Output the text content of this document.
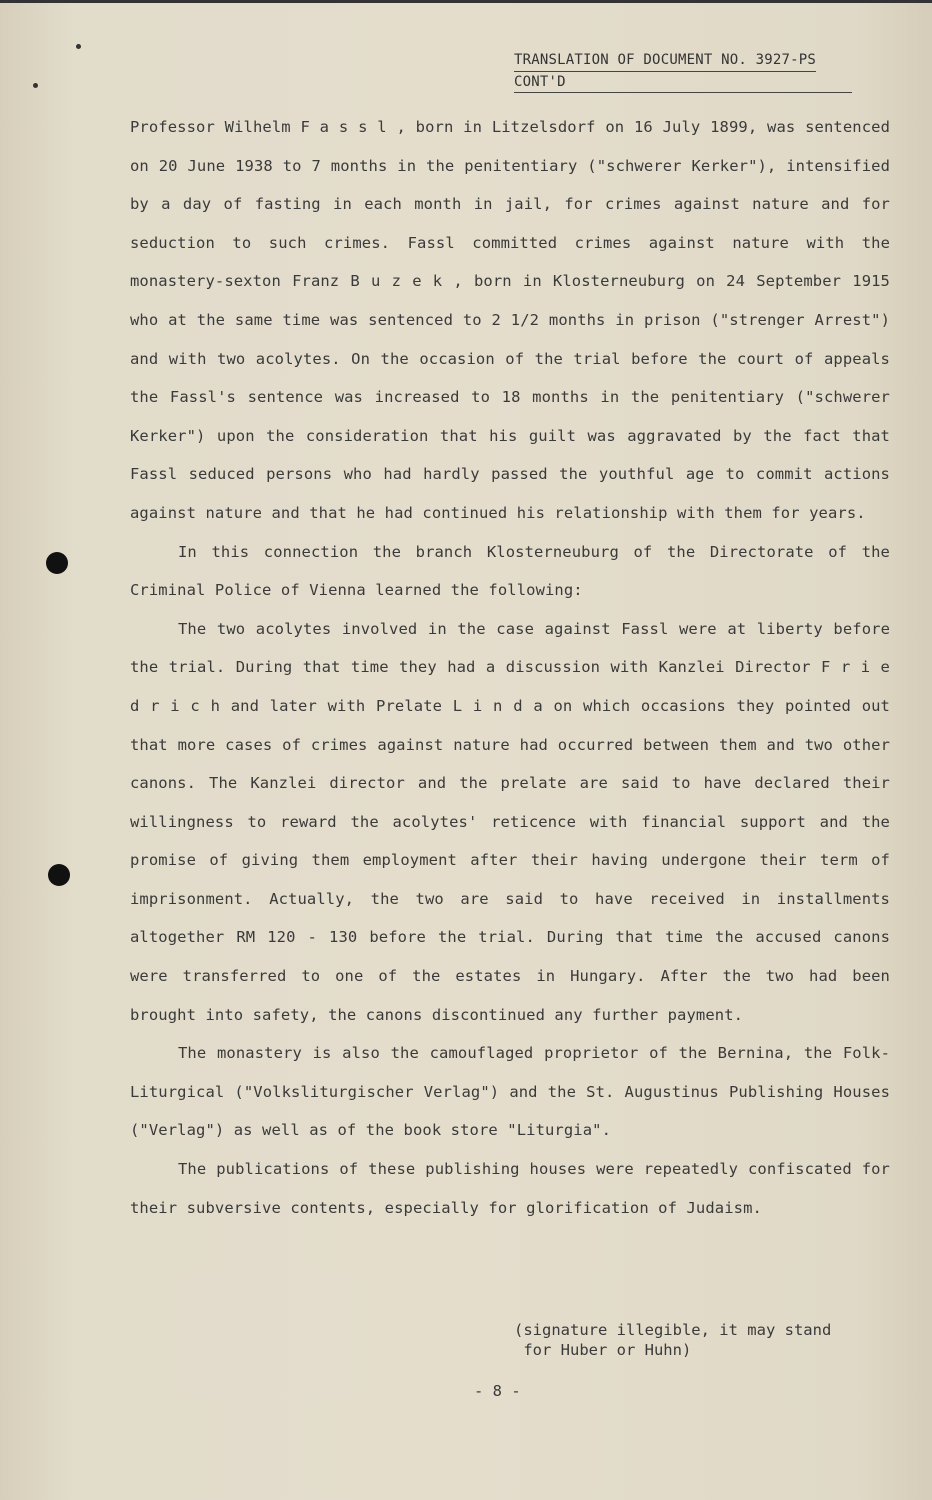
TRANSLATION OF DOCUMENT NO. 3927-PS
CONT'D

Professor Wilhelm F a s s l , born in Litzelsdorf on 16 July 1899, was sentenced on 20 June 1938 to 7 months in the penitentiary ("schwerer Kerker"), intensified by a day of fasting in each month in jail, for crimes against nature and for seduction to such crimes. Fassl committed crimes against nature with the monastery-sexton Franz B u z e k , born in Klosterneuburg on 24 September 1915 who at the same time was sentenced to 2 1/2 months in prison ("strenger Arrest") and with two acolytes. On the occasion of the trial before the court of appeals the Fassl's sentence was increased to 18 months in the penitentiary ("schwerer Kerker") upon the consideration that his guilt was aggravated by the fact that Fassl seduced persons who had hardly passed the youthful age to commit actions against nature and that he had continued his relationship with them for years.

In this connection the branch Klosterneuburg of the Directorate of the Criminal Police of Vienna learned the following:

The two acolytes involved in the case against Fassl were at liberty before the trial. During that time they had a discussion with Kanzlei Director F r i e d r i c h and later with Prelate L i n d a on which occasions they pointed out that more cases of crimes against nature had occurred between them and two other canons. The Kanzlei director and the prelate are said to have declared their willingness to reward the acolytes' reticence with financial support and the promise of giving them employment after their having undergone their term of imprisonment. Actually, the two are said to have received in installments altogether RM 120 - 130 before the trial. During that time the accused canons were transferred to one of the estates in Hungary. After the two had been brought into safety, the canons discontinued any further payment.

The monastery is also the camouflaged proprietor of the Bernina, the Folk-Liturgical ("Volksliturgischer Verlag") and the St. Augustinus Publishing Houses ("Verlag") as well as of the book store "Liturgia".

The publications of these publishing houses were repeatedly confiscated for their subversive contents, especially for glorification of Judaism.

(signature illegible, it may stand
for Huber or Huhn)
- 8 -
